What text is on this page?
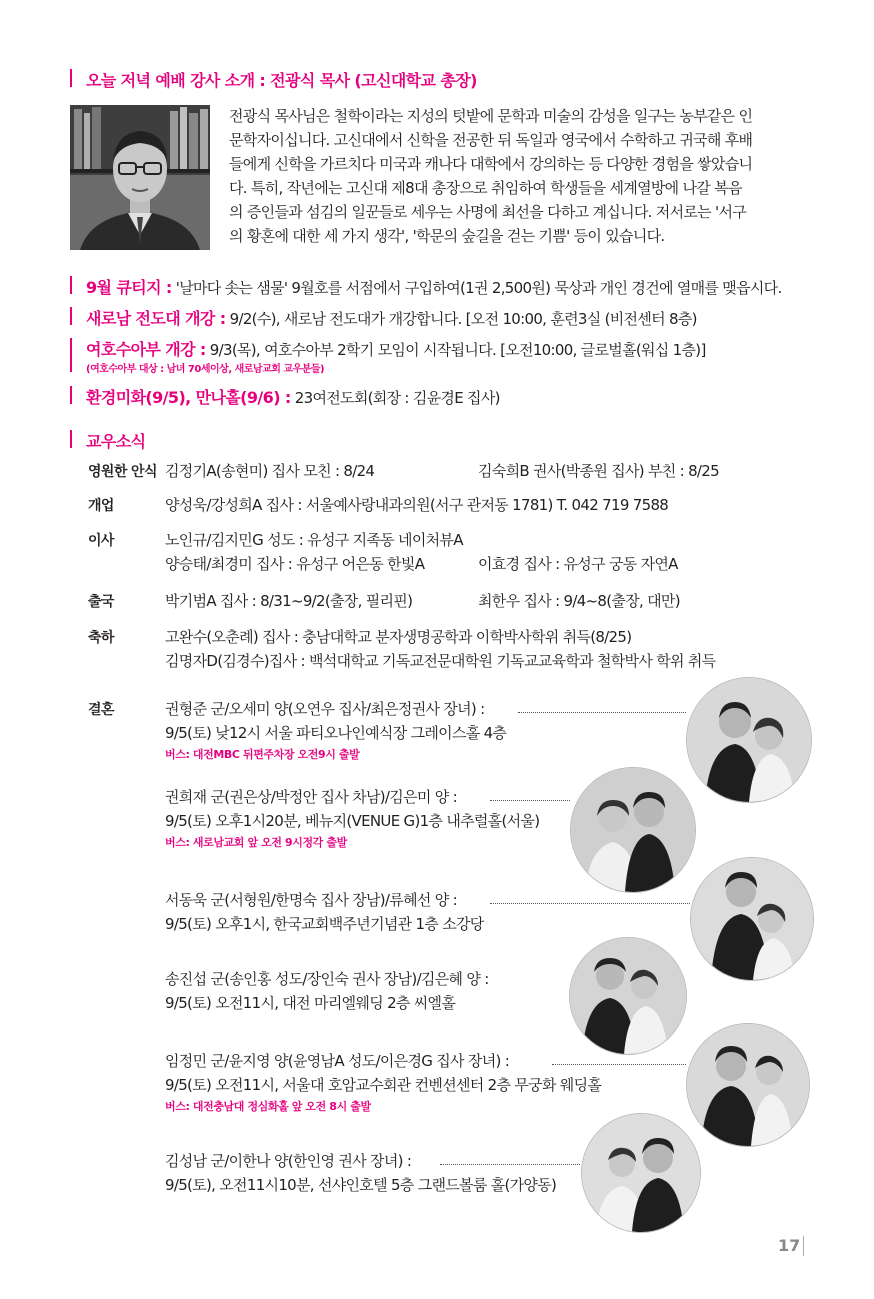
오늘 저녁 예배 강사 소개 : 전광식 목사 (고신대학교 총장)
전광식 목사님은 철학이라는 지성의 텃밭에 문학과 미술의 감성을 일구는 농부같은 인
문학자이십니다. 고신대에서 신학을 전공한 뒤 독일과 영국에서 수학하고 귀국해 후배
들에게 신학을 가르치다 미국과 캐나다 대학에서 강의하는 등 다양한 경험을 쌓았습니
다. 특히, 작년에는 고신대 제8대 총장으로 취임하여 학생들을 세계열방에 나갈 복음
의 증인들과 섬김의 일꾼들로 세우는 사명에 최선을 다하고 계십니다. 저서로는 '서구
의 황혼에 대한 세 가지 생각', '학문의 숲길을 걷는 기쁨' 등이 있습니다.
9월 큐티지 : '날마다 솟는 샘물' 9월호를 서점에서 구입하여(1권 2,500원) 묵상과 개인 경건에 열매를 맺읍시다.
새로남 전도대 개강 : 9/2(수), 새로남 전도대가 개강합니다. [오전 10:00, 훈련3실 (비전센터 8층)
여호수아부 개강 : 9/3(목), 여호수아부 2학기 모임이 시작됩니다. [오전10:00, 글로벌홀(워십 1층)]
(여호수아부 대상 : 남녀 70세이상, 새로남교회 교우분들)
환경미화(9/5), 만나홀(9/6) : 23여전도회(회장 : 김윤경E 집사)
교우소식
영원한 안식 김정기A(송현미) 집사 모친 : 8/24	김숙희B 권사(박종원 집사) 부친 : 8/25
개업	양성욱/강성희A 집사 : 서울예사랑내과의원(서구 관저동 1781) T. 042 719 7588
이사	노인규/김지민G 성도 : 유성구 지족동 네이처뷰A
양승태/최경미 집사 : 유성구 어은동 한빛A	이효경 집사 : 유성구 궁동 자연A
출국	박기범A 집사 : 8/31~9/2(출장, 필리핀)	최한우 집사 : 9/4~8(출장, 대만)
축하	고완수(오춘례) 집사 : 충남대학교 분자생명공학과 이학박사학위 취득(8/25)
김명자D(김경수)집사 : 백석대학교 기독교전문대학원 기독교교육학과 철학박사 학위 취득
결혼	권형준 군/오세미 양(오연우 집사/최은정권사 장녀) :
9/5(토) 낮12시 서울 파티오나인예식장 그레이스홀 4층
버스: 대전MBC 뒤편주차장 오전9시 출발
권희재 군(권은상/박정안 집사 차남)/김은미 양 :
9/5(토) 오후1시20분, 베뉴지(VENUE G)1층 내추럴홀(서울)
버스: 새로남교회 앞 오전 9시정각 출발
서동욱 군(서형원/한명숙 집사 장남)/류혜선 양 :
9/5(토) 오후1시, 한국교회백주년기념관 1층 소강당
송진섭 군(송인홍 성도/장인숙 권사 장남)/김은혜 양 :
9/5(토) 오전11시, 대전 마리엘웨딩 2층 씨엘홀
임정민 군/윤지영 양(윤영남A 성도/이은경G 집사 장녀) :
9/5(토) 오전11시, 서울대 호암교수회관 컨벤션센터 2층 무궁화 웨딩홀
버스: 대전충남대 정심화홀 앞 오전 8시 출발
김성남 군/이한나 양(한인영 권사 장녀) :
9/5(토), 오전11시10분, 선샤인호텔 5층 그랜드볼룸 홀(가양동)
17
